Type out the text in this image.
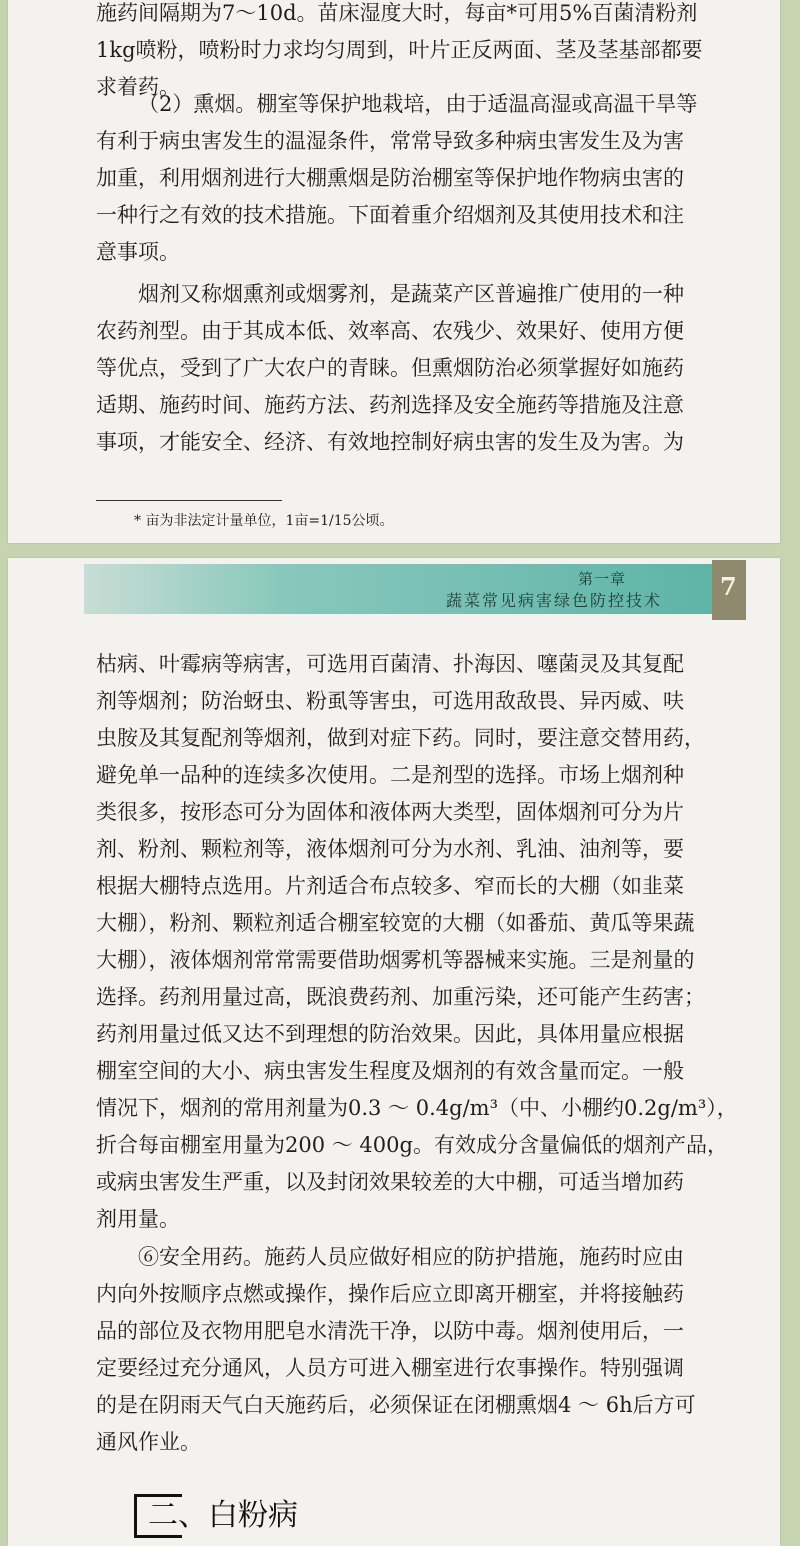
施药间隔期为7～10d。苗床湿度大时，每亩*可用5%百菌清粉剂
1kg喷粉，喷粉时力求均匀周到，叶片正反两面、茎及茎基部都要
求着药。
（2）熏烟。棚室等保护地栽培，由于适温高湿或高温干旱等
有利于病虫害发生的温湿条件，常常导致多种病虫害发生及为害
加重，利用烟剂进行大棚熏烟是防治棚室等保护地作物病虫害的
一种行之有效的技术措施。下面着重介绍烟剂及其使用技术和注
意事项。
烟剂又称烟熏剂或烟雾剂，是蔬菜产区普遍推广使用的一种
农药剂型。由于其成本低、效率高、农残少、效果好、使用方便
等优点，受到了广大农户的青睐。但熏烟防治必须掌握好如施药
适期、施药时间、施药方法、药剂选择及安全施药等措施及注意
事项，才能安全、经济、有效地控制好病虫害的发生及为害。为
* 亩为非法定计量单位，1亩=1/15公顷。
第一章
蔬菜常见病害绿色防控技术 7
枯病、叶霉病等病害，可选用百菌清、扑海因、噻菌灵及其复配
剂等烟剂；防治蚜虫、粉虱等害虫，可选用敌敌畏、异丙威、呋
虫胺及其复配剂等烟剂，做到对症下药。同时，要注意交替用药，
避免单一品种的连续多次使用。二是剂型的选择。市场上烟剂种
类很多，按形态可分为固体和液体两大类型，固体烟剂可分为片
剂、粉剂、颗粒剂等，液体烟剂可分为水剂、乳油、油剂等，要
根据大棚特点选用。片剂适合布点较多、窄而长的大棚（如韭菜
大棚），粉剂、颗粒剂适合棚室较宽的大棚（如番茄、黄瓜等果蔬
大棚），液体烟剂常常需要借助烟雾机等器械来实施。三是剂量的
选择。药剂用量过高，既浪费药剂、加重污染，还可能产生药害；
药剂用量过低又达不到理想的防治效果。因此，具体用量应根据
棚室空间的大小、病虫害发生程度及烟剂的有效含量而定。一般
情况下，烟剂的常用剂量为0.3 ～ 0.4g/m³（中、小棚约0.2g/m³），
折合每亩棚室用量为200 ～ 400g。有效成分含量偏低的烟剂产品，
或病虫害发生严重，以及封闭效果较差的大中棚，可适当增加药
剂用量。
⑥安全用药。施药人员应做好相应的防护措施，施药时应由
内向外按顺序点燃或操作，操作后应立即离开棚室，并将接触药
品的部位及衣物用肥皂水清洗干净，以防中毒。烟剂使用后，一
定要经过充分通风，人员方可进入棚室进行农事操作。特别强调
的是在阴雨天气白天施药后，必须保证在闭棚熏烟4 ～ 6h后方可
通风作业。
二、白粉病
